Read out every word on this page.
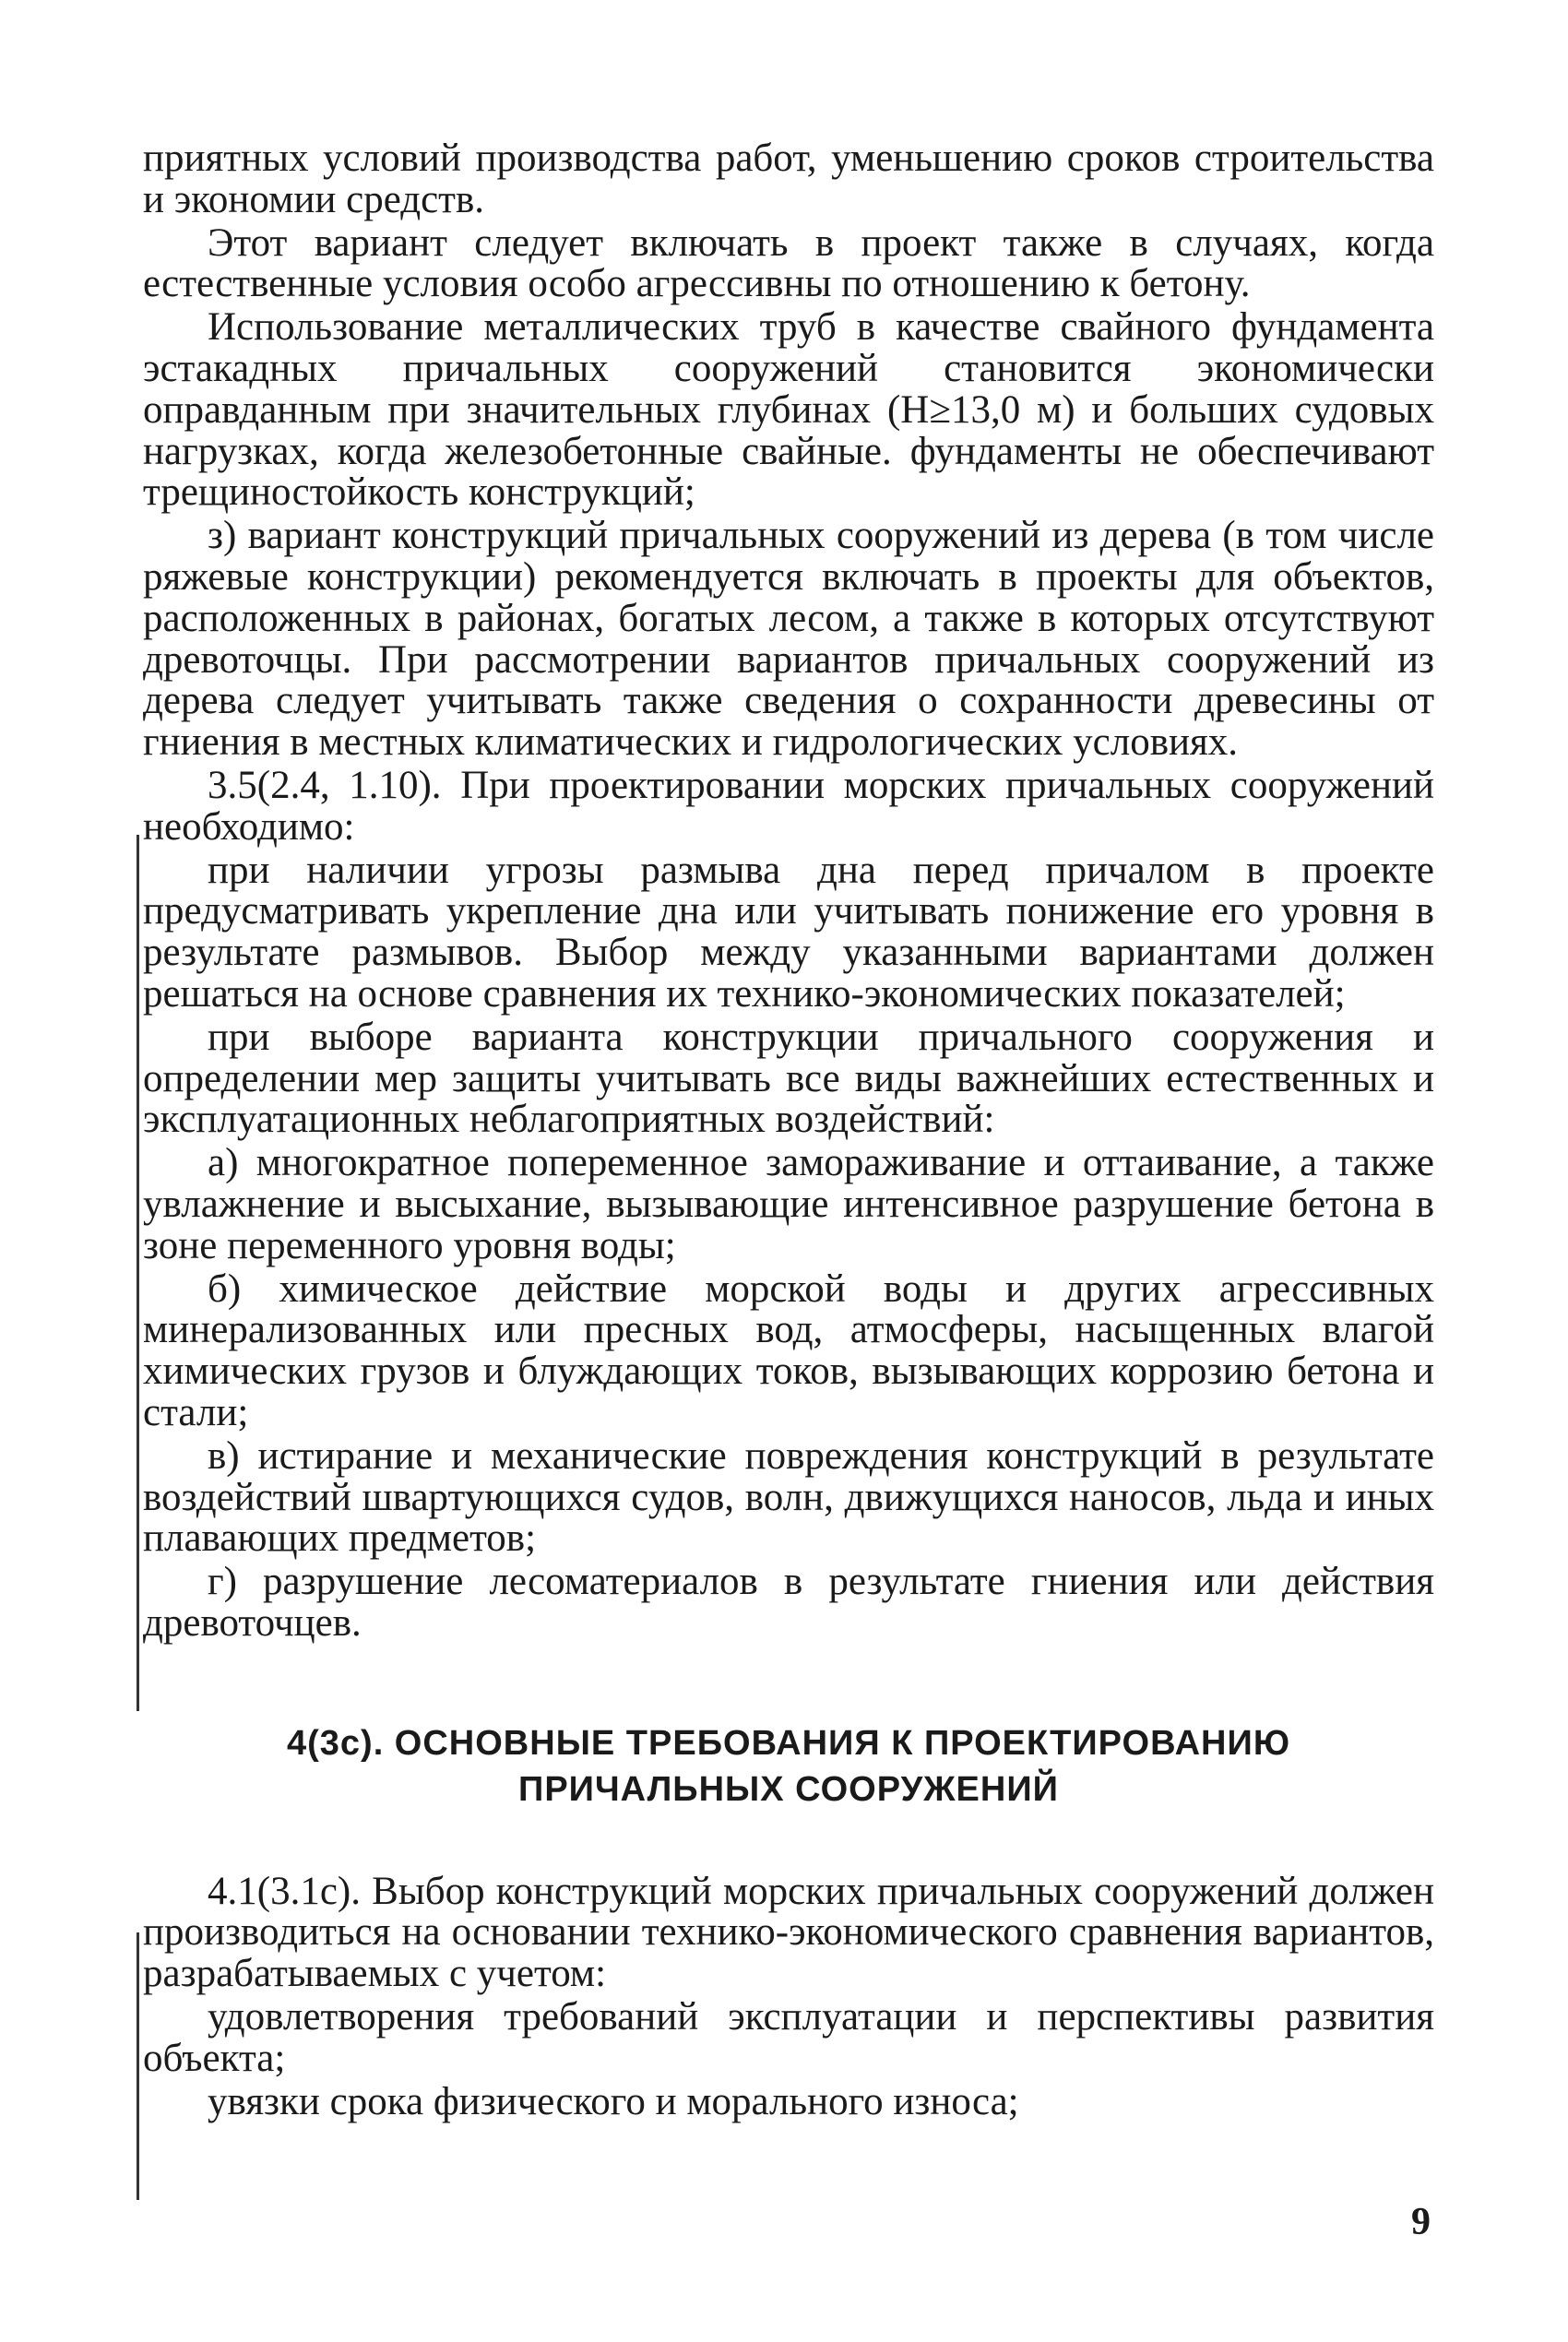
приятных условий производства работ, уменьшению сроков строительства и экономии средств.

Этот вариант следует включать в проект также в случаях, когда естественные условия особо агрессивны по отношению к бетону.

Использование металлических труб в качестве свайного фундамента эстакадных причальных сооружений становится экономически оправданным при значительных глубинах (H≥13,0 м) и больших судовых нагрузках, когда железобетонные свайные. фундаменты не обеспечивают трещиностойкость конструкций;

з) вариант конструкций причальных сооружений из дерева (в том числе ряжевые конструкции) рекомендуется включать в проекты для объектов, расположенных в районах, богатых лесом, а также в которых отсутствуют древоточцы. При рассмотрении вариантов причальных сооружений из дерева следует учитывать также сведения о сохранности древесины от гниения в местных климатических и гидрологических условиях.

3.5(2.4, 1.10). При проектировании морских причальных сооружений необходимо:

при наличии угрозы размыва дна перед причалом в проекте предусматривать укрепление дна или учитывать понижение его уровня в результате размывов. Выбор между указанными вариантами должен решаться на основе сравнения их технико-экономических показателей;

при выборе варианта конструкции причального сооружения и определении мер защиты учитывать все виды важнейших естественных и эксплуатационных неблагоприятных воздействий:

а) многократное попеременное замораживание и оттаивание, а также увлажнение и высыхание, вызывающие интенсивное разрушение бетона в зоне переменного уровня воды;

б) химическое действие морской воды и других агрессивных минерализованных или пресных вод, атмосферы, насыщенных влагой химических грузов и блуждающих токов, вызывающих коррозию бетона и стали;

в) истирание и механические повреждения конструкций в результате воздействий швартующихся судов, волн, движущихся наносов, льда и иных плавающих предметов;

г) разрушение лесоматериалов в результате гниения или действия древоточцев.

4(3с). ОСНОВНЫЕ ТРЕБОВАНИЯ К ПРОЕКТИРОВАНИЮ
ПРИЧАЛЬНЫХ СООРУЖЕНИЙ

4.1(3.1с). Выбор конструкций морских причальных сооружений должен производиться на основании технико-экономического сравнения вариантов, разрабатываемых с учетом:

удовлетворения требований эксплуатации и перспективы развития объекта;

увязки срока физического и морального износа;

9
